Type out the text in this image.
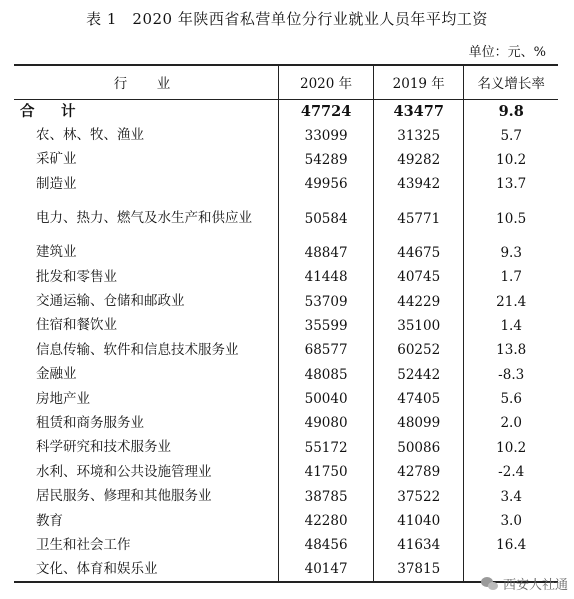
表 1　2020 年陕西省私营单位分行业就业人员年平均工资
单位：元、%
行　业	2020 年	2019 年	名义增长率
合　计	47724	43477	9.8
农、林、牧、渔业	33099	31325	5.7
采矿业	54289	49282	10.2
制造业	49956	43942	13.7
电力、热力、燃气及水生产和供应业	50584	45771	10.5
建筑业	48847	44675	9.3
批发和零售业	41448	40745	1.7
交通运输、仓储和邮政业	53709	44229	21.4
住宿和餐饮业	35599	35100	1.4
信息传输、软件和信息技术服务业	68577	60252	13.8
金融业	48085	52442	-8.3
房地产业	50040	47405	5.6
租赁和商务服务业	49080	48099	2.0
科学研究和技术服务业	55172	50086	10.2
水利、环境和公共设施管理业	41750	42789	-2.4
居民服务、修理和其他服务业	38785	37522	3.4
教育	42280	41040	3.0
卫生和社会工作	48456	41634	16.4
文化、体育和娱乐业	40147	37815	
西安人社通
